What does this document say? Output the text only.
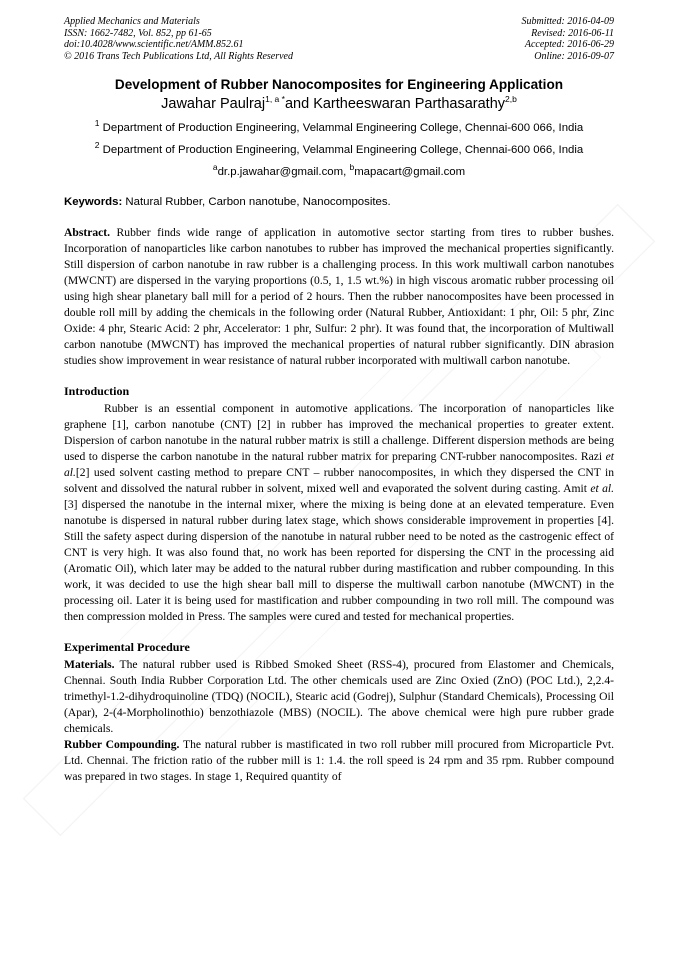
Applied Mechanics and Materials
ISSN: 1662-7482, Vol. 852, pp 61-65
doi:10.4028/www.scientific.net/AMM.852.61
© 2016 Trans Tech Publications Ltd, All Rights Reserved
Submitted: 2016-04-09
Revised: 2016-06-11
Accepted: 2016-06-29
Online: 2016-09-07
Development of Rubber Nanocomposites for Engineering Application
Jawahar Paulraj$^{1, a *}$and Kartheeswaran Parthasarathy$^{2,b}$
$^1$ Department of Production Engineering, Velammal Engineering College, Chennai-600 066, India
$^2$ Department of Production Engineering, Velammal Engineering College, Chennai-600 066, India
$^a$dr.p.jawahar@gmail.com, $^b$mapacart@gmail.com
Keywords: Natural Rubber, Carbon nanotube, Nanocomposites.

Abstract. Rubber finds wide range of application in automotive sector starting from tires to rubber bushes. Incorporation of nanoparticles like carbon nanotubes to rubber has improved the mechanical properties significantly. Still dispersion of carbon nanotube in raw rubber is a challenging process. In this work multiwall carbon nanotubes (MWCNT) are dispersed in the varying proportions (0.5, 1, 1.5 wt.%) in high viscous aromatic rubber processing oil using high shear planetary ball mill for a period of 2 hours. Then the rubber nanocomposites have been processed in double roll mill by adding the chemicals in the following order (Natural Rubber, Antioxidant: 1 phr, Oil: 5 phr, Zinc Oxide: 4 phr, Stearic Acid: 2 phr, Accelerator: 1 phr, Sulfur: 2 phr). It was found that, the incorporation of Multiwall carbon nanotube (MWCNT) has improved the mechanical properties of natural rubber significantly. DIN abrasion studies show improvement in wear resistance of natural rubber incorporated with multiwall carbon nanotube.

Introduction

Rubber is an essential component in automotive applications. The incorporation of nanoparticles like graphene [1], carbon nanotube (CNT) [2] in rubber has improved the mechanical properties to greater extent. Dispersion of carbon nanotube in the natural rubber matrix is still a challenge. Different dispersion methods are being used to disperse the carbon nanotube in the natural rubber matrix for preparing CNT-rubber nanocomposites. Razi et al.[2] used solvent casting method to prepare CNT – rubber nanocomposites, in which they dispersed the CNT in solvent and dissolved the natural rubber in solvent, mixed well and evaporated the solvent during casting. Amit et al. [3] dispersed the nanotube in the internal mixer, where the mixing is being done at an elevated temperature. Even nanotube is dispersed in natural rubber during latex stage, which shows considerable improvement in properties [4]. Still the safety aspect during dispersion of the nanotube in natural rubber need to be noted as the castrogenic effect of CNT is very high. It was also found that, no work has been reported for dispersing the CNT in the processing aid (Aromatic Oil), which later may be added to the natural rubber during mastification and rubber compounding. In this work, it was decided to use the high shear ball mill to disperse the multiwall carbon nanotube (MWCNT) in the processing oil. Later it is being used for mastification and rubber compounding in two roll mill. The compound was then compression molded in Press. The samples were cured and tested for mechanical properties.

Experimental Procedure

Materials. The natural rubber used is Ribbed Smoked Sheet (RSS-4), procured from Elastomer and Chemicals, Chennai. South India Rubber Corporation Ltd. The other chemicals used are Zinc Oxied (ZnO) (POC Ltd.), 2,2.4-trimethyl-1.2-dihydroquinoline (TDQ) (NOCIL), Stearic acid (Godrej), Sulphur (Standard Chemicals), Processing Oil (Apar), 2-(4-Morpholinothio) benzothiazole (MBS) (NOCIL). The above chemical were high pure rubber grade chemicals.

Rubber Compounding. The natural rubber is mastificated in two roll rubber mill procured from Microparticle Pvt. Ltd. Chennai. The friction ratio of the rubber mill is 1: 1.4. the roll speed is 24 rpm and 35 rpm. Rubber compound was prepared in two stages. In stage 1, Required quantity of
